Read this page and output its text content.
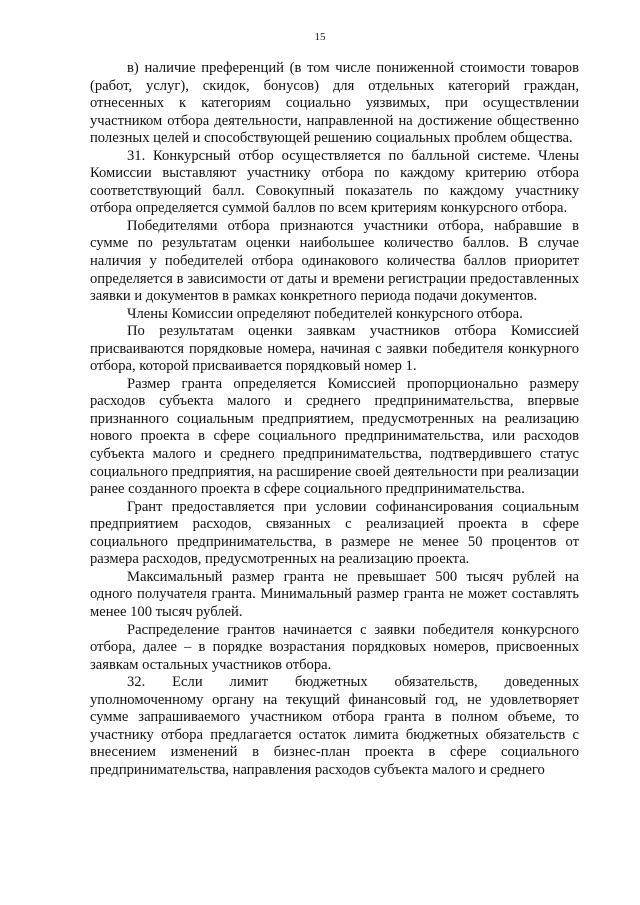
15

в) наличие преференций (в том числе пониженной стоимости товаров (работ, услуг), скидок, бонусов) для отдельных категорий граждан, отнесенных к категориям социально уязвимых, при осуществлении участником отбора деятельности, направленной на достижение общественно полезных целей и способствующей решению социальных проблем общества.

31. Конкурсный отбор осуществляется по балльной системе. Члены Комиссии выставляют участнику отбора по каждому критерию отбора соответствующий балл. Совокупный показатель по каждому участнику отбора определяется суммой баллов по всем критериям конкурсного отбора.

Победителями отбора признаются участники отбора, набравшие в сумме по результатам оценки наибольшее количество баллов. В случае наличия у победителей отбора одинакового количества баллов приоритет определяется в зависимости от даты и времени регистрации предоставленных заявки и документов в рамках конкретного периода подачи документов.

Члены Комиссии определяют победителей конкурсного отбора.

По результатам оценки заявкам участников отбора Комиссией присваиваются порядковые номера, начиная с заявки победителя конкурного отбора, которой присваивается порядковый номер 1.

Размер гранта определяется Комиссией пропорционально размеру расходов субъекта малого и среднего предпринимательства, впервые признанного социальным предприятием, предусмотренных на реализацию нового проекта в сфере социального предпринимательства, или расходов субъекта малого и среднего предпринимательства, подтвердившего статус социального предприятия, на расширение своей деятельности при реализации ранее созданного проекта в сфере социального предпринимательства.

Грант предоставляется при условии софинансирования социальным предприятием расходов, связанных с реализацией проекта в сфере социального предпринимательства, в размере не менее 50 процентов от размера расходов, предусмотренных на реализацию проекта.

Максимальный размер гранта не превышает 500 тысяч рублей на одного получателя гранта. Минимальный размер гранта не может составлять менее 100 тысяч рублей.

Распределение грантов начинается с заявки победителя конкурсного отбора, далее – в порядке возрастания порядковых номеров, присвоенных заявкам остальных участников отбора.

32. Если лимит бюджетных обязательств, доведенных уполномоченному органу на текущий финансовый год, не удовлетворяет сумме запрашиваемого участником отбора гранта в полном объеме, то участнику отбора предлагается остаток лимита бюджетных обязательств с внесением изменений в бизнес-план проекта в сфере социального предпринимательства, направления расходов субъекта малого и среднего
